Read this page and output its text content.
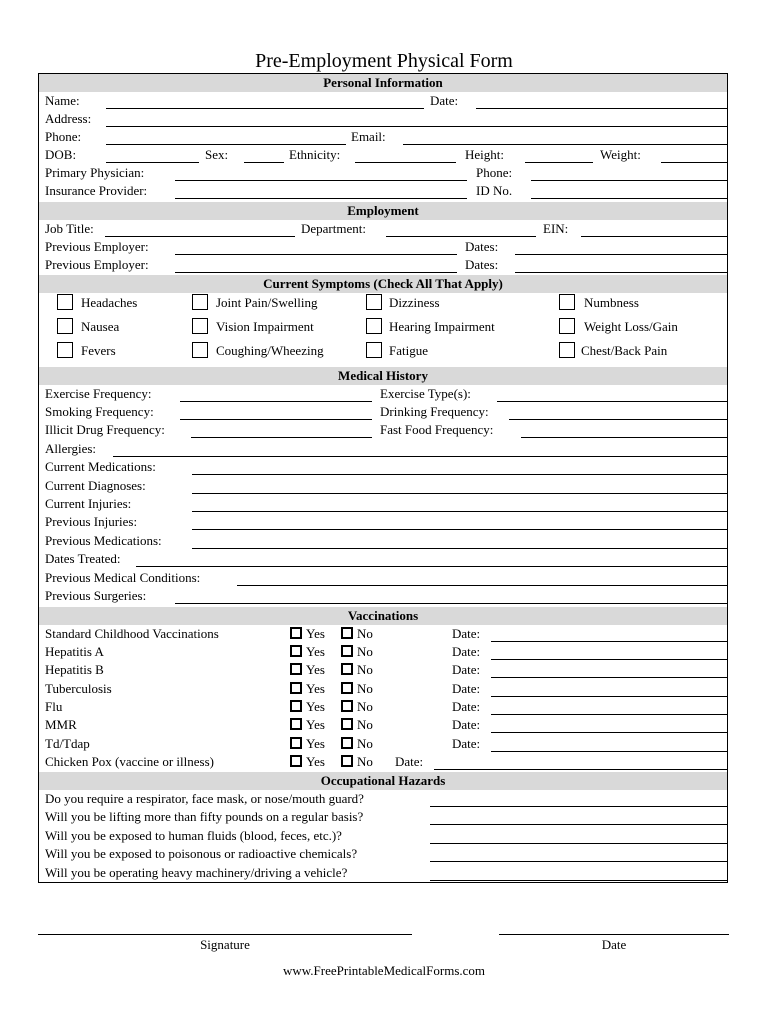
Pre-Employment Physical Form
Personal Information
Name:	Date:
Address:
Phone:	Email:
DOB:	Sex:	Ethnicity:	Height:	Weight:
Primary Physician:	Phone:
Insurance Provider:	ID No.
Employment
Job Title:	Department:	EIN:
Previous Employer:	Dates:
Previous Employer:	Dates:
Current Symptoms (Check All That Apply)
Headaches	Joint Pain/Swelling	Dizziness	Numbness
Nausea	Vision Impairment	Hearing Impairment	Weight Loss/Gain
Fevers	Coughing/Wheezing	Fatigue	Chest/Back Pain
Medical History
Exercise Frequency:	Exercise Type(s):
Smoking Frequency:	Drinking Frequency:
Illicit Drug Frequency:	Fast Food Frequency:
Allergies:
Current Medications:
Current Diagnoses:
Current Injuries:
Previous Injuries:
Previous Medications:
Dates Treated:
Previous Medical Conditions:
Previous Surgeries:
Vaccinations
Standard Childhood Vaccinations	Yes	No	Date:
Hepatitis A	Yes	No	Date:
Hepatitis B	Yes	No	Date:
Tuberculosis	Yes	No	Date:
Flu	Yes	No	Date:
MMR	Yes	No	Date:
Td/Tdap	Yes	No	Date:
Chicken Pox (vaccine or illness)	Yes	No Date:
Occupational Hazards
Do you require a respirator, face mask, or nose/mouth guard?
Will you be lifting more than fifty pounds on a regular basis?
Will you be exposed to human fluids (blood, feces, etc.)?
Will you be exposed to poisonous or radioactive chemicals?
Will you be operating heavy machinery/driving a vehicle?
Signature	Date
www.FreePrintableMedicalForms.com
